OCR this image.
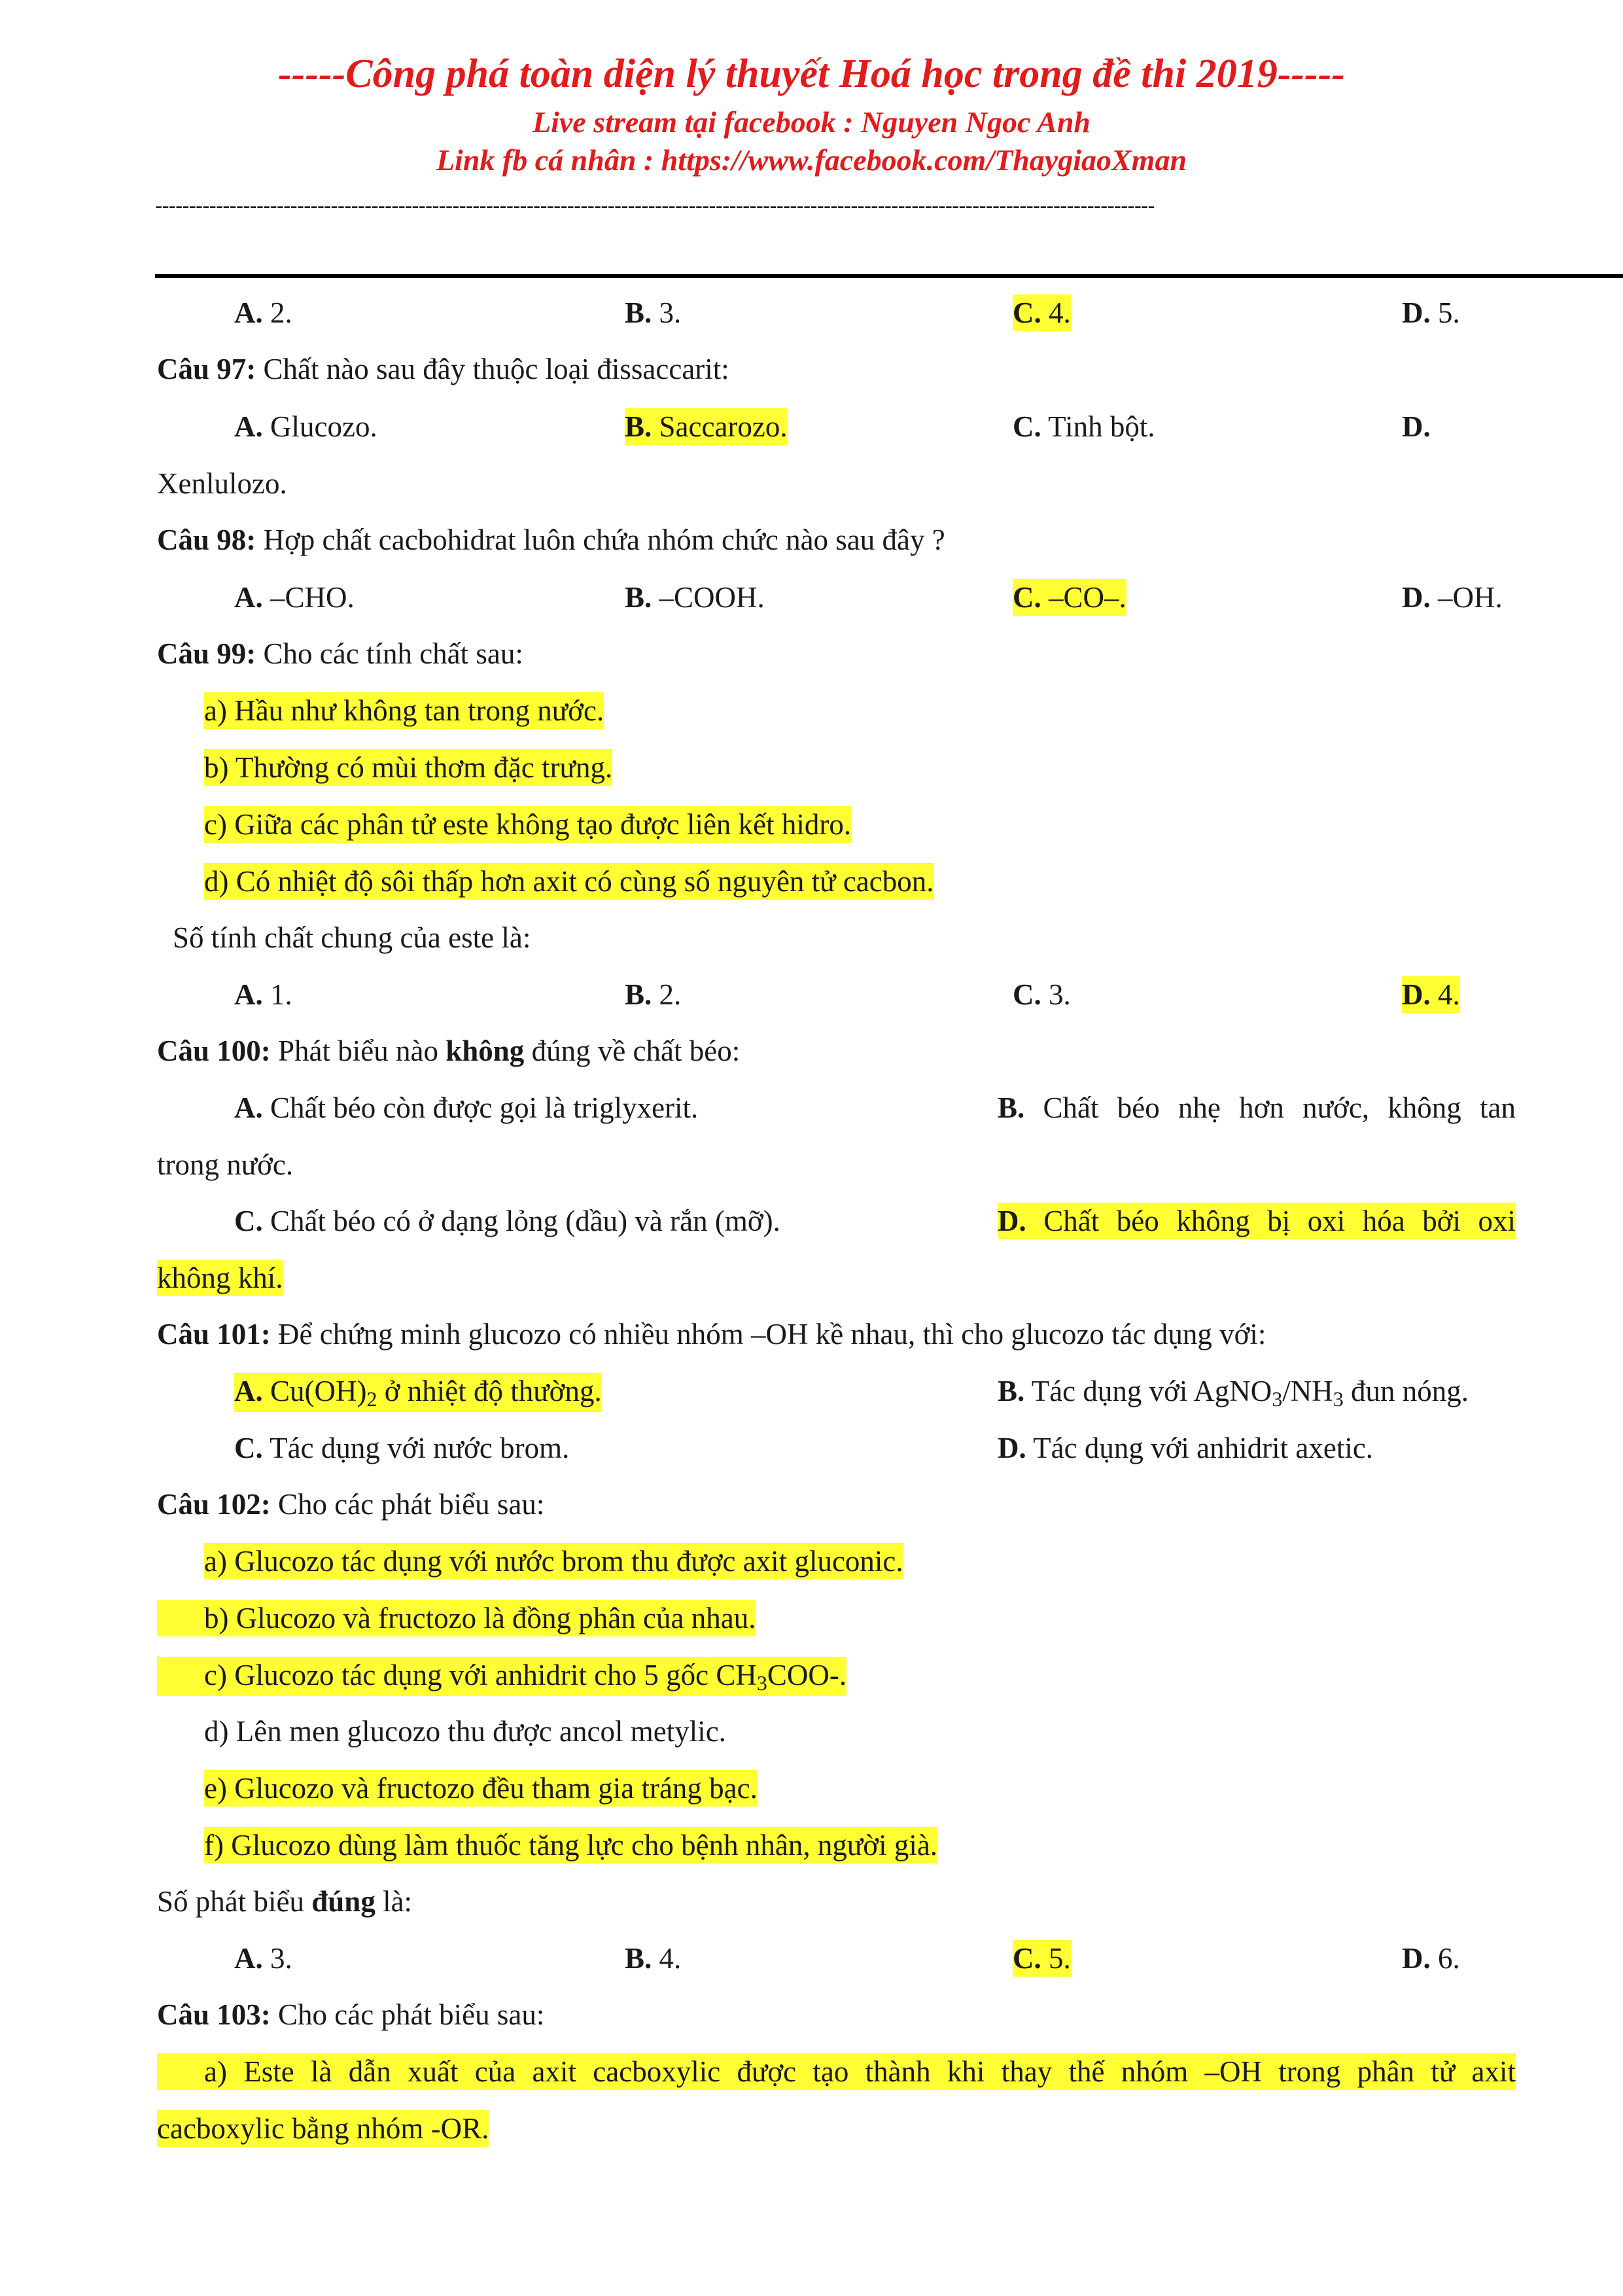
-----Công phá toàn diện lý thuyết Hoá học trong đề thi 2019-----
Live stream tại facebook : Nguyen Ngoc Anh
Link fb cá nhân : https://www.facebook.com/ThaygiaoXman
----------------------------------------------------------------------------------------------------------------------------------------------------
A. 2.	B. 3.	C. 4.	D. 5.
Câu 97: Chất nào sau đây thuộc loại đissaccarit:
A. Glucozo.	B. Saccarozo.	C. Tinh bột.	D.
Xenlulozo.
Câu 98: Hợp chất cacbohidrat luôn chứa nhóm chức nào sau đây ?
A. –CHO.	B. –COOH.	C. –CO–.	D. –OH.
Câu 99: Cho các tính chất sau:
a) Hầu như không tan trong nước.
b) Thường có mùi thơm đặc trưng.
c) Giữa các phân tử este không tạo được liên kết hidro.
d) Có nhiệt độ sôi thấp hơn axit có cùng số nguyên tử cacbon.
Số tính chất chung của este là:
A. 1.	B. 2.	C. 3.	D. 4.
Câu 100: Phát biểu nào không đúng về chất béo:
A. Chất béo còn được gọi là triglyxerit.	B. Chất béo nhẹ hơn nước, không tan
trong nước.
C. Chất béo có ở dạng lỏng (dầu) và rắn (mỡ).	D. Chất béo không bị oxi hóa bởi oxi
không khí.
Câu 101: Để chứng minh glucozo có nhiều nhóm –OH kề nhau, thì cho glucozo tác dụng với:
A. Cu(OH)2 ở nhiệt độ thường.	B. Tác dụng với AgNO3/NH3 đun nóng.
C. Tác dụng với nước brom.	D. Tác dụng với anhidrit axetic.
Câu 102: Cho các phát biểu sau:
a) Glucozo tác dụng với nước brom thu được axit gluconic.
b) Glucozo và fructozo là đồng phân của nhau.
c) Glucozo tác dụng với anhidrit cho 5 gốc CH3COO-.
d) Lên men glucozo thu được ancol metylic.
e) Glucozo và fructozo đều tham gia tráng bạc.
f) Glucozo dùng làm thuốc tăng lực cho bệnh nhân, người già.
Số phát biểu đúng là:
A. 3.	B. 4.	C. 5.	D. 6.
Câu 103: Cho các phát biểu sau:
a) Este là dẫn xuất của axit cacboxylic được tạo thành khi thay thế nhóm –OH trong phân tử axit
cacboxylic bằng nhóm -OR.
